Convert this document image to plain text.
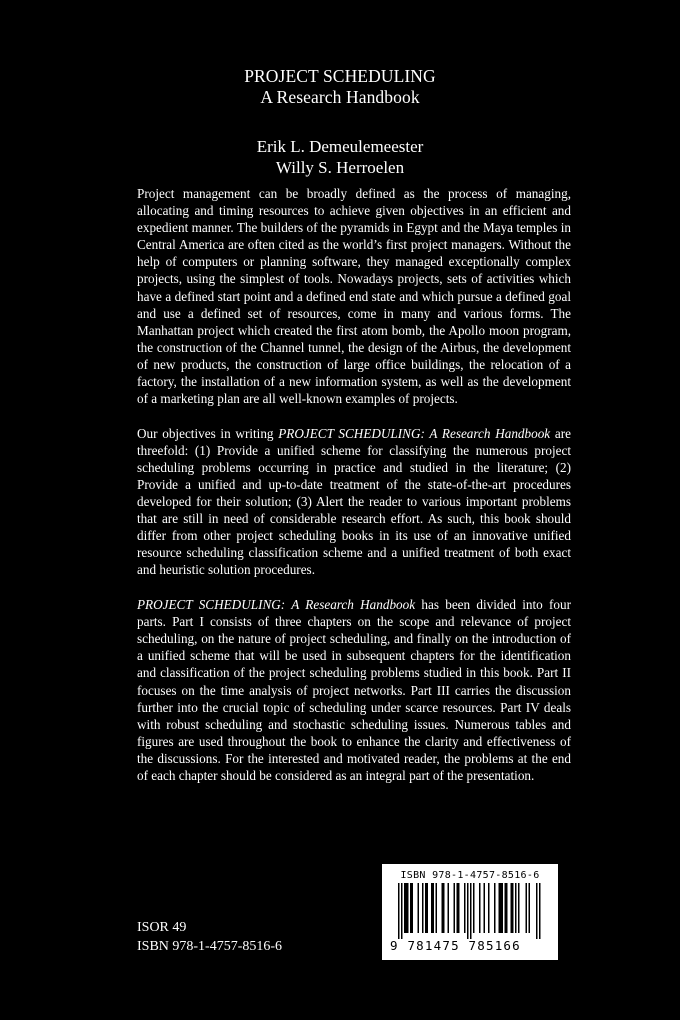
PROJECT SCHEDULING
A Research Handbook
Erik L. Demeulemeester
Willy S. Herroelen

Project management can be broadly defined as the process of managing, allocating and timing resources to achieve given objectives in an efficient and expedient manner. The builders of the pyramids in Egypt and the Maya temples in Central America are often cited as the world’s first project managers. Without the help of computers or planning software, they managed exceptionally complex projects, using the simplest of tools. Nowadays projects, sets of activities which have a defined start point and a defined end state and which pursue a defined goal and use a defined set of resources, come in many and various forms. The Manhattan project which created the first atom bomb, the Apollo moon program, the construction of the Channel tunnel, the design of the Airbus, the development of new products, the construction of large office buildings, the relocation of a factory, the installation of a new information system, as well as the development of a marketing plan are all well-known examples of projects.

Our objectives in writing PROJECT SCHEDULING: A Research Handbook are threefold: (1) Provide a unified scheme for classifying the numerous project scheduling problems occurring in practice and studied in the literature; (2) Provide a unified and up-to-date treatment of the state-of-the-art procedures developed for their solution; (3) Alert the reader to various important problems that are still in need of considerable research effort. As such, this book should differ from other project scheduling books in its use of an innovative unified resource scheduling classification scheme and a unified treatment of both exact and heuristic solution procedures.

PROJECT SCHEDULING: A Research Handbook has been divided into four parts. Part I consists of three chapters on the scope and relevance of project scheduling, on the nature of project scheduling, and finally on the introduction of a unified scheme that will be used in subsequent chapters for the identification and classification of the project scheduling problems studied in this book. Part II focuses on the time analysis of project networks. Part III carries the discussion further into the crucial topic of scheduling under scarce resources. Part IV deals with robust scheduling and stochastic scheduling issues. Numerous tables and figures are used throughout the book to enhance the clarity and effectiveness of the discussions. For the interested and motivated reader, the problems at the end of each chapter should be considered as an integral part of the presentation.

ISOR 49
ISBN 978-1-4757-8516-6
ISBN 978-1-4757-8516-6
9 781475 785166
